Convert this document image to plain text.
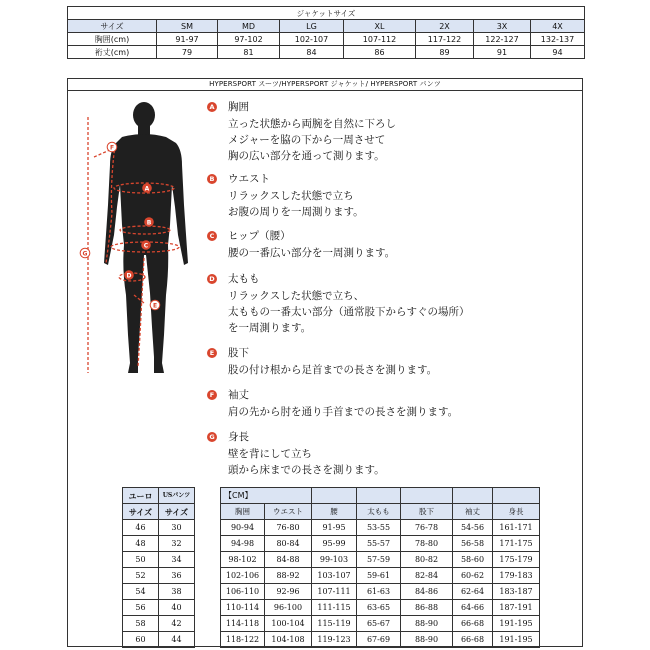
ジャケットサイズ							
サイズ	SM	MD	LG	XL	2X	3X	4X
胸囲(cm)	91-97	97-102	102-107	107-112	117-122	122-127	132-137
裄丈(cm)	79	81	84	86	89	91	94
HYPERSPORT スーツ/HYPERSPORT ジャケット/ HYPERSPORT パンツ
F
A
B
C
G
D
E
A 胸囲
立った状態から両腕を自然に下ろし
メジャーを脇の下から一周させて
胸の広い部分を通って測ります。
B ウエスト
リラックスした状態で立ち
お腹の周りを一周測ります。
C ヒップ（腰）
腰の一番広い部分を一周測ります。
D 太もも
リラックスした状態で立ち、
太ももの一番太い部分（通常股下からすぐの場所）
を一周測ります。
E 股下
股の付け根から足首までの長さを測ります。
F 袖丈
肩の先から肘を通り手首までの長さを測ります。
G 身長
壁を背にして立ち
頭から床までの長さを測ります。
ユーロ	USパンツ
サイズ	サイズ
46	30
48	32
50	34
52	36
54	38
56	40
58	42
60	44
【CM】						
胸囲	ウエスト	腰	太もも	股下	袖丈	身長
90-94	76-80	91-95	53-55	76-78	54-56	161-171
94-98	80-84	95-99	55-57	78-80	56-58	171-175
98-102	84-88	99-103	57-59	80-82	58-60	175-179
102-106	88-92	103-107	59-61	82-84	60-62	179-183
106-110	92-96	107-111	61-63	84-86	62-64	183-187
110-114	96-100	111-115	63-65	86-88	64-66	187-191
114-118	100-104	115-119	65-67	88-90	66-68	191-195
118-122	104-108	119-123	67-69	88-90	66-68	191-195
